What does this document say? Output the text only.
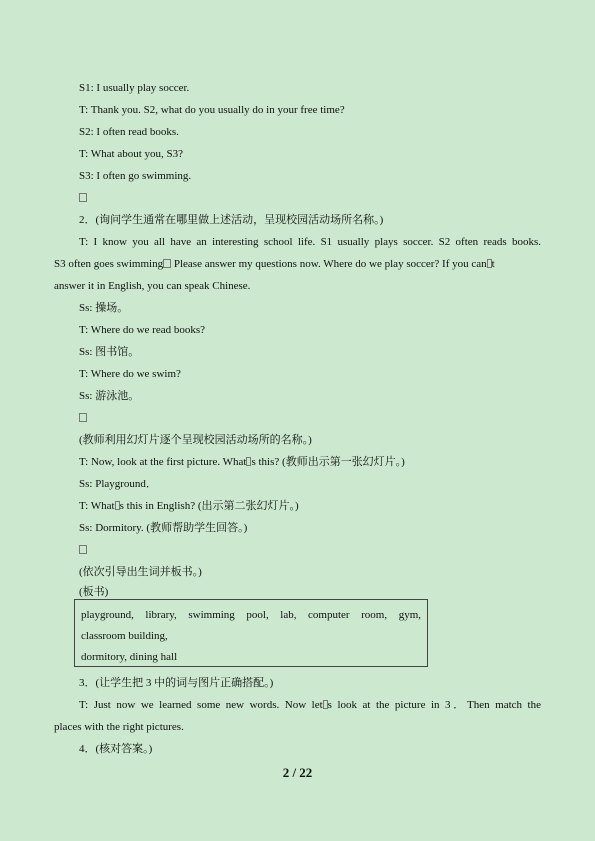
S1: I usually play soccer.
T: Thank you. S2, what do you usually do in your free time?
S2: I often read books.
T: What about you, S3?
S3: I often go swimming.
2．(询问学生通常在哪里做上述活动，呈现校园活动场所名称。)
T: I know you all have an interesting school life. S1 usually plays soccer. S2 often reads books.
S3 often goes swimming Please answer my questions now. Where do we play soccer? If you can t
answer it in English, you can speak Chinese.
Ss: 操场。
T: Where do we read books?
Ss: 图书馆。
T: Where do we swim?
Ss: 游泳池。
(教师利用幻灯片逐个呈现校园活动场所的名称。)
T: Now, look at the first picture. What s this? (教师出示第一张幻灯片。)
Ss: Playground．
T: What s this in English? (出示第二张幻灯片。)
Ss: Dormitory. (教师帮助学生回答。)
(依次引导出生词并板书。)
(板书)
playground, library, swimming pool, lab, computer room, gym,
classroom building,
dormitory, dining hall
3．(让学生把 3 中的词与图片正确搭配。)
T: Just now we learned some new words. Now let s look at the picture in 3．Then match the
places with the right pictures.
4．(核对答案。)
2 / 22
